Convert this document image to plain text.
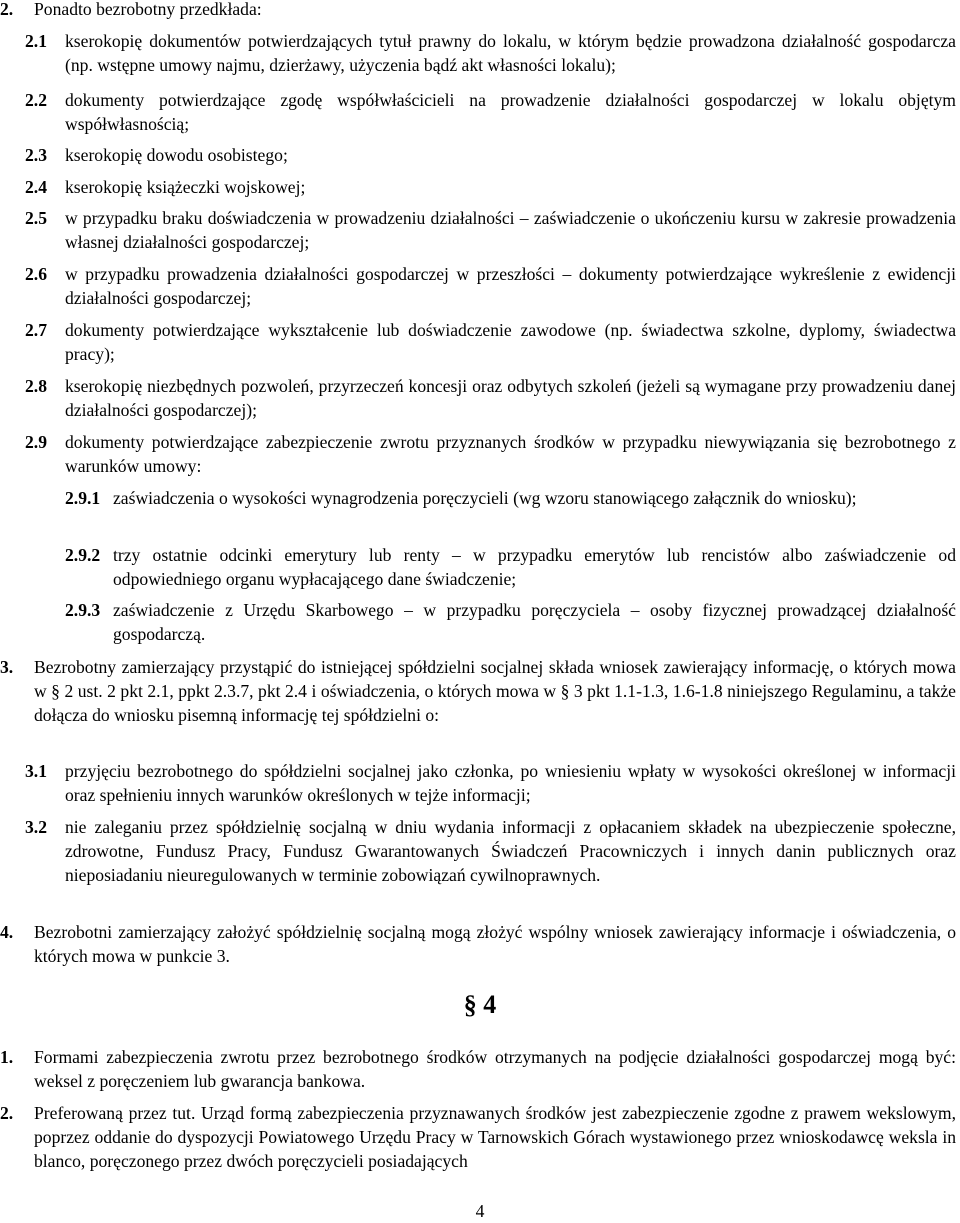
2. Ponadto bezrobotny przedkłada:
2.1 kserokopię dokumentów potwierdzających tytuł prawny do lokalu, w którym będzie prowadzona działalność gospodarcza (np. wstępne umowy najmu, dzierżawy, użyczenia bądź akt własności lokalu);
2.2 dokumenty potwierdzające zgodę współwłaścicieli na prowadzenie działalności gospodarczej w lokalu objętym współwłasnością;
2.3 kserokopię dowodu osobistego;
2.4 kserokopię książeczki wojskowej;
2.5 w przypadku braku doświadczenia w prowadzeniu działalności – zaświadczenie o ukończeniu kursu w zakresie prowadzenia własnej działalności gospodarczej;
2.6 w przypadku prowadzenia działalności gospodarczej w przeszłości – dokumenty potwierdzające wykreślenie z ewidencji działalności gospodarczej;
2.7 dokumenty potwierdzające wykształcenie lub doświadczenie zawodowe (np. świadectwa szkolne, dyplomy, świadectwa pracy);
2.8 kserokopię niezbędnych pozwoleń, przyrzeczeń koncesji oraz odbytych szkoleń (jeżeli są wymagane przy prowadzeniu danej działalności gospodarczej);
2.9 dokumenty potwierdzające zabezpieczenie zwrotu przyznanych środków w przypadku niewywiązania się bezrobotnego z warunków umowy:
2.9.1 zaświadczenia o wysokości wynagrodzenia poręczycieli (wg wzoru stanowiącego załącznik do wniosku);
2.9.2 trzy ostatnie odcinki emerytury lub renty – w przypadku emerytów lub rencistów albo zaświadczenie od odpowiedniego organu wypłacającego dane świadczenie;
2.9.3 zaświadczenie z Urzędu Skarbowego – w przypadku poręczyciela – osoby fizycznej prowadzącej działalność gospodarczą.
3. Bezrobotny zamierzający przystąpić do istniejącej spółdzielni socjalnej składa wniosek zawierający informację, o których mowa w § 2 ust. 2 pkt 2.1, ppkt 2.3.7, pkt 2.4 i oświadczenia, o których mowa w § 3 pkt 1.1-1.3, 1.6-1.8 niniejszego Regulaminu, a także dołącza do wniosku pisemną informację tej spółdzielni o:
3.1 przyjęciu bezrobotnego do spółdzielni socjalnej jako członka, po wniesieniu wpłaty w wysokości określonej w informacji oraz spełnieniu innych warunków określonych w tejże informacji;
3.2 nie zaleganiu przez spółdzielnię socjalną w dniu wydania informacji z opłacaniem składek na ubezpieczenie społeczne, zdrowotne, Fundusz Pracy, Fundusz Gwarantowanych Świadczeń Pracowniczych i innych danin publicznych oraz nieposiadaniu nieuregulowanych w terminie zobowiązań cywilnoprawnych.
4. Bezrobotni zamierzający założyć spółdzielnię socjalną mogą złożyć wspólny wniosek zawierający informacje i oświadczenia, o których mowa w punkcie 3.
§ 4
1. Formami zabezpieczenia zwrotu przez bezrobotnego środków otrzymanych na podjęcie działalności gospodarczej mogą być: weksel z poręczeniem lub gwarancja bankowa.
2. Preferowaną przez tut. Urząd formą zabezpieczenia przyznawanych środków jest zabezpieczenie zgodne z prawem wekslowym, poprzez oddanie do dyspozycji Powiatowego Urzędu Pracy w Tarnowskich Górach wystawionego przez wnioskodawcę weksla in blanco, poręczonego przez dwóch poręczycieli posiadających
4
